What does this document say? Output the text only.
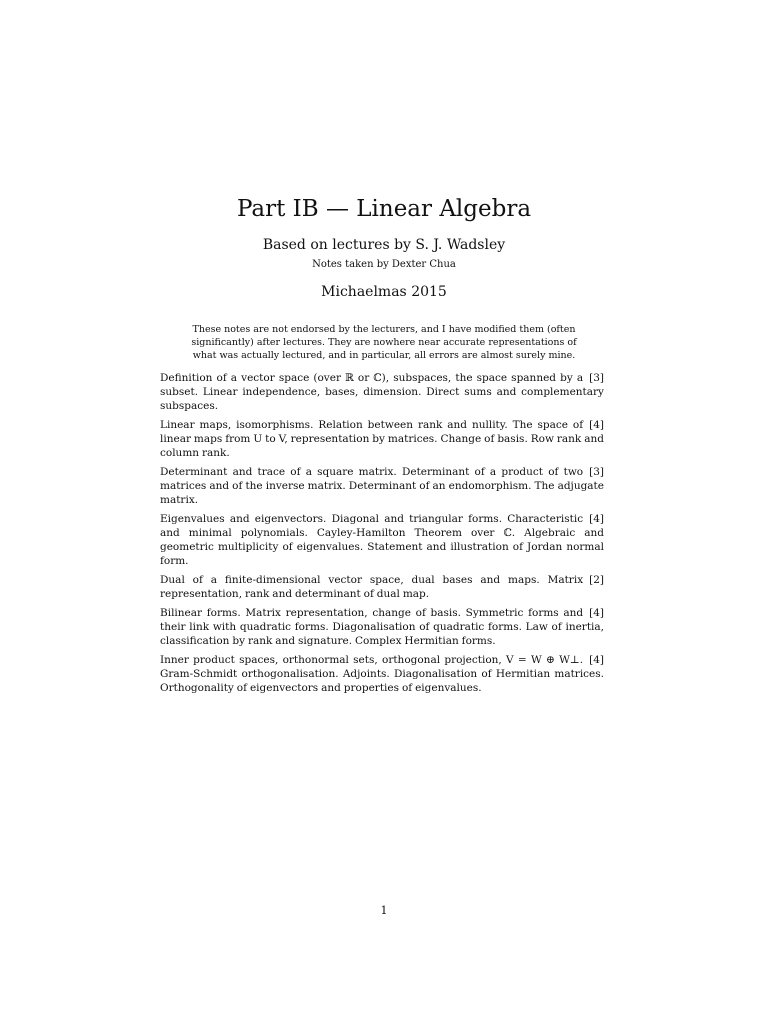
Part IB — Linear Algebra
Based on lectures by S. J. Wadsley
Notes taken by Dexter Chua
Michaelmas 2015
These notes are not endorsed by the lecturers, and I have modified them (often significantly) after lectures. They are nowhere near accurate representations of what was actually lectured, and in particular, all errors are almost surely mine.
[3]
Definition of a vector space (over ℝ or ℂ), subspaces, the space spanned by a subset. Linear independence, bases, dimension. Direct sums and complementary subspaces.
[4]
Linear maps, isomorphisms. Relation between rank and nullity. The space of linear maps from U to V, representation by matrices. Change of basis. Row rank and column rank.
[3]
Determinant and trace of a square matrix. Determinant of a product of two matrices and of the inverse matrix. Determinant of an endomorphism. The adjugate matrix.
[4]
Eigenvalues and eigenvectors. Diagonal and triangular forms. Characteristic and minimal polynomials. Cayley-Hamilton Theorem over ℂ. Algebraic and geometric multiplicity of eigenvalues. Statement and illustration of Jordan normal form.
[2]
Dual of a finite-dimensional vector space, dual bases and maps. Matrix representation, rank and determinant of dual map.
[4]
Bilinear forms. Matrix representation, change of basis. Symmetric forms and their link with quadratic forms. Diagonalisation of quadratic forms. Law of inertia, classification by rank and signature. Complex Hermitian forms.
[4]
Inner product spaces, orthonormal sets, orthogonal projection, V = W ⊕ W⊥. Gram-Schmidt orthogonalisation. Adjoints. Diagonalisation of Hermitian matrices. Orthogonality of eigenvectors and properties of eigenvalues.
1
